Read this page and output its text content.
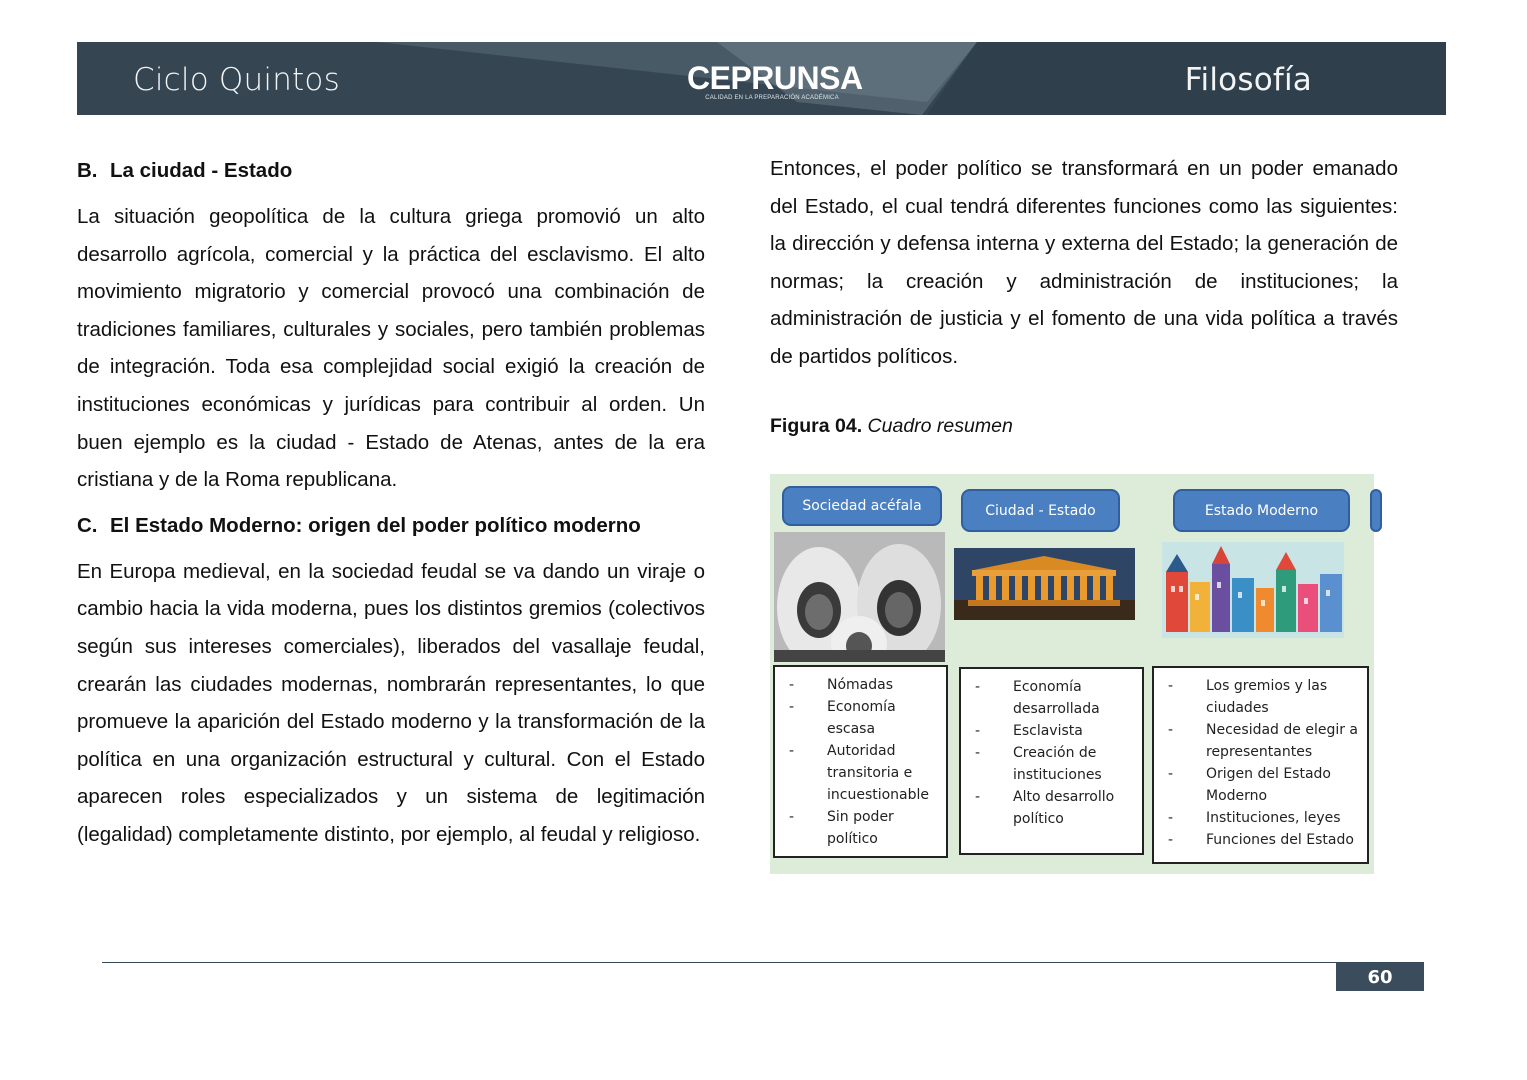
Ciclo Quintos	CEPRUNSA
CALIDAD EN LA PREPARACIÓN ACADÉMICA	Filosofía
B. La ciudad - Estado

La situación geopolítica de la cultura griega promovió un alto desarrollo agrícola, comercial y la práctica del esclavismo. El alto movimiento migratorio y comercial provocó una combinación de tradiciones familiares, culturales y sociales, pero también problemas de integración. Toda esa complejidad social exigió la creación de instituciones económicas y jurídicas para contribuir al orden. Un buen ejemplo es la ciudad - Estado de Atenas, antes de la era cristiana y de la Roma republicana.

C. El Estado Moderno: origen del poder político moderno

En Europa medieval, en la sociedad feudal se va dando un viraje o cambio hacia la vida moderna, pues los distintos gremios (colectivos según sus intereses comerciales), liberados del vasallaje feudal, crearán las ciudades modernas, nombrarán representantes, lo que promueve la aparición del Estado moderno y la transformación de la política en una organización estructural y cultural. Con el Estado aparecen roles especializados y un sistema de legitimación (legalidad) completamente distinto, por ejemplo, al feudal y religioso.

Entonces, el poder político se transformará en un poder emanado del Estado, el cual tendrá diferentes funciones como las siguientes: la dirección y defensa interna y externa del Estado; la generación de normas; la creación y administración de instituciones; la administración de justicia y el fomento de una vida política a través de partidos políticos.

Figura 04. Cuadro resumen
Sociedad acéfala
- Nómadas
- Economía escasa
- Autoridad transitoria e incuestionable
- Sin poder político
Ciudad - Estado
- Economía desarrollada
- Esclavista
- Creación de instituciones
- Alto desarrollo político
Estado Moderno
- Los gremios y las ciudades
- Necesidad de elegir a representantes
- Origen del Estado Moderno
- Instituciones, leyes
- Funciones del Estado
60
